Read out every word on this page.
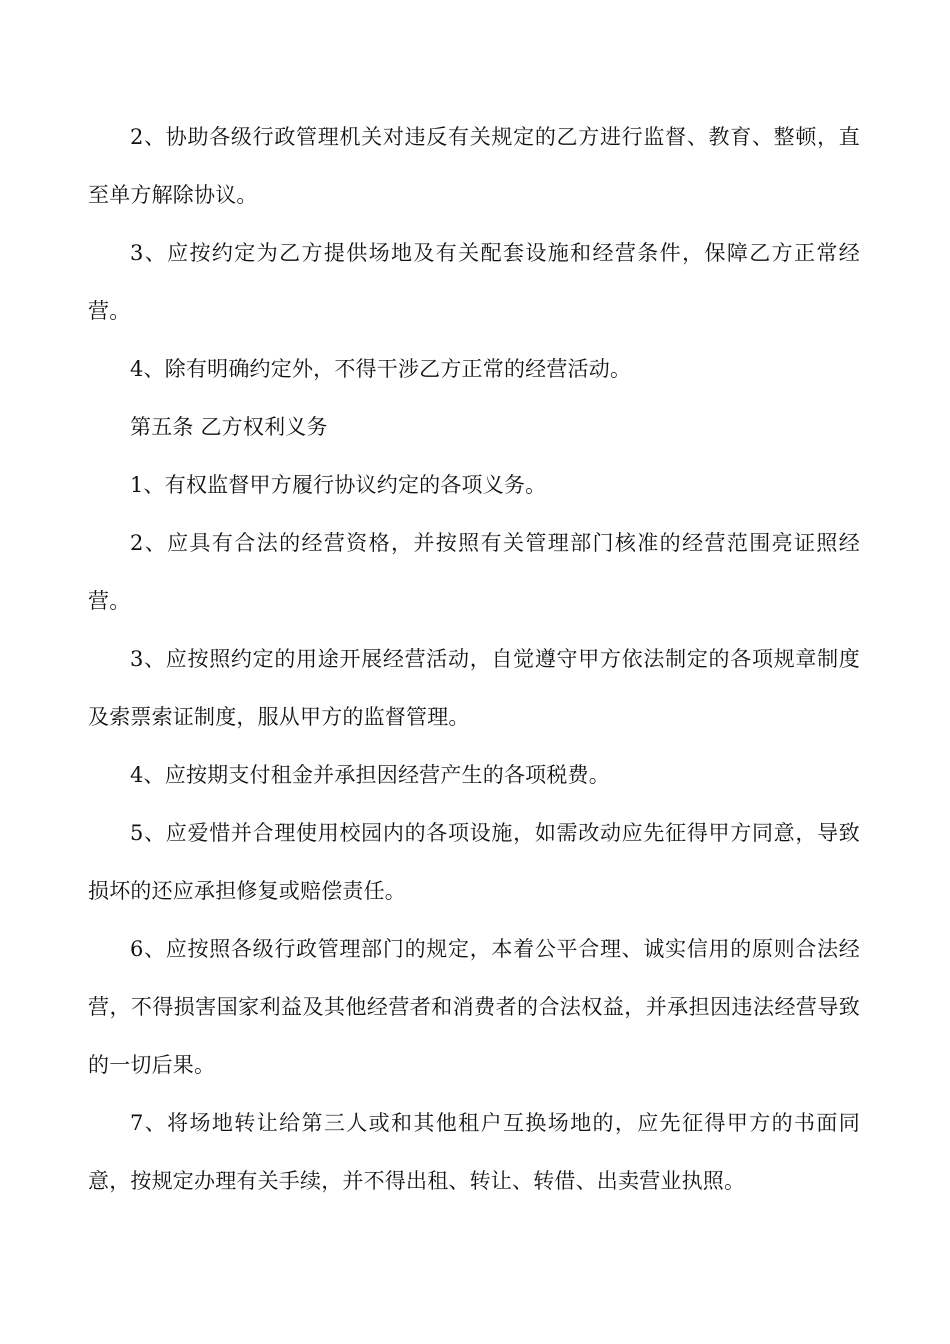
2、协助各级行政管理机关对违反有关规定的乙方进行监督、教育、整顿，直至单方解除协议。

3、应按约定为乙方提供场地及有关配套设施和经营条件，保障乙方正常经营。

4、除有明确约定外，不得干涉乙方正常的经营活动。

第五条 乙方权利义务

1、有权监督甲方履行协议约定的各项义务。

2、应具有合法的经营资格，并按照有关管理部门核准的经营范围亮证照经营。

3、应按照约定的用途开展经营活动，自觉遵守甲方依法制定的各项规章制度及索票索证制度，服从甲方的监督管理。

4、应按期支付租金并承担因经营产生的各项税费。

5、应爱惜并合理使用校园内的各项设施，如需改动应先征得甲方同意，导致损坏的还应承担修复或赔偿责任。

6、应按照各级行政管理部门的规定，本着公平合理、诚实信用的原则合法经营，不得损害国家利益及其他经营者和消费者的合法权益，并承担因违法经营导致的一切后果。

7、将场地转让给第三人或和其他租户互换场地的，应先征得甲方的书面同意，按规定办理有关手续，并不得出租、转让、转借、出卖营业执照。
